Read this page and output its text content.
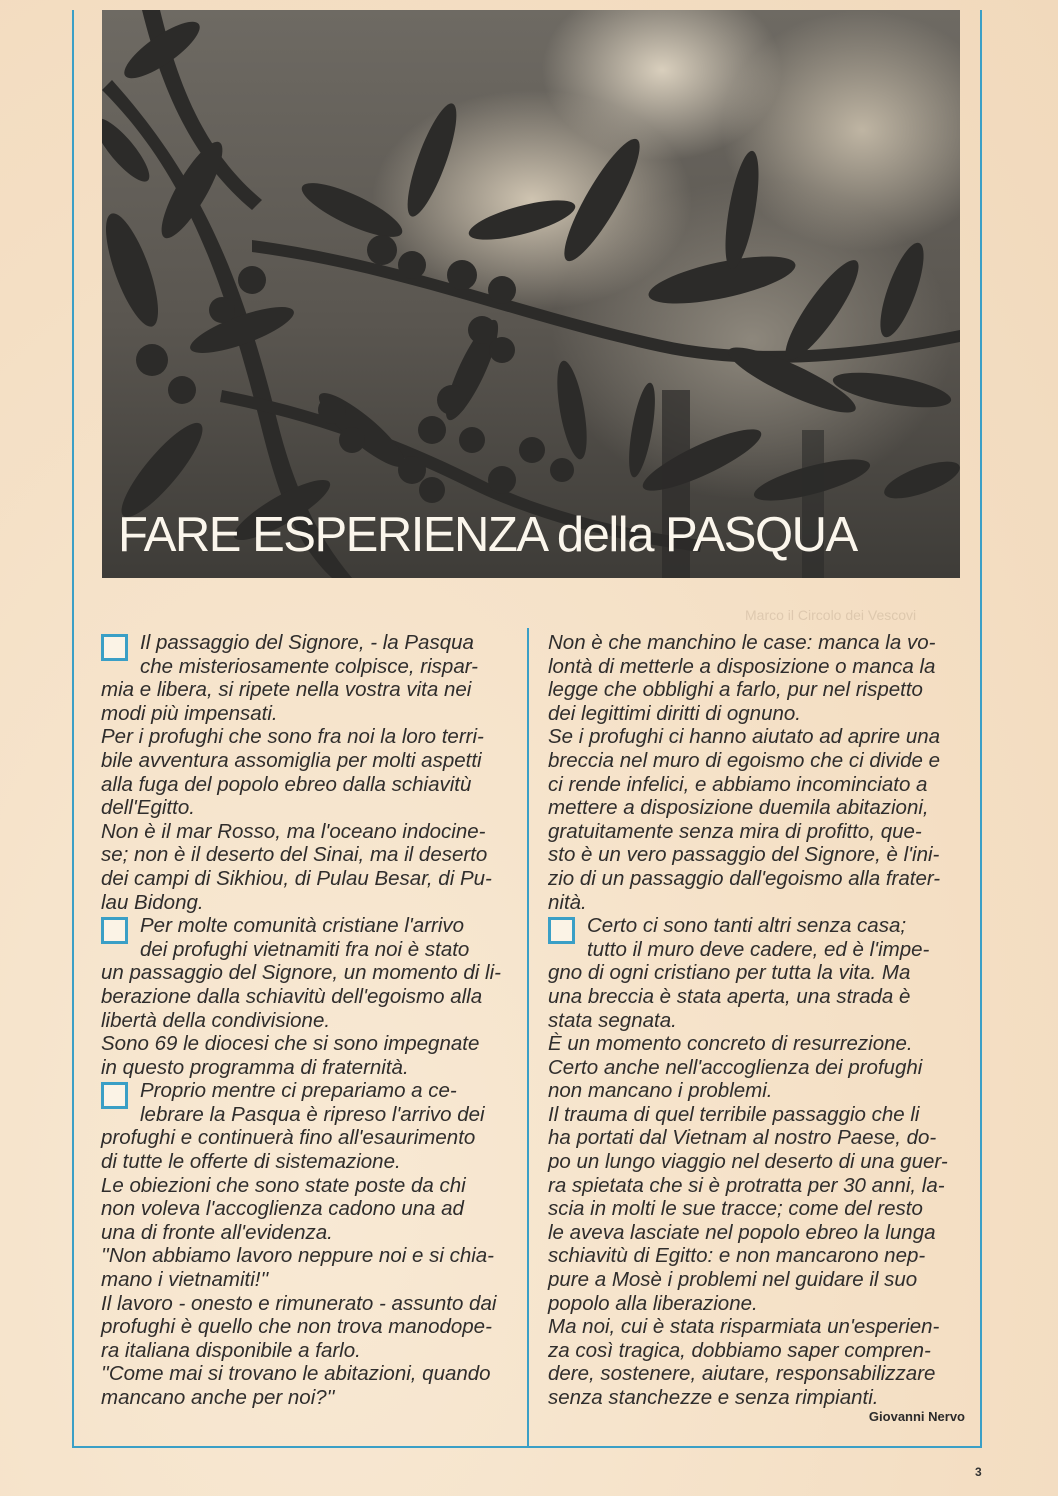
Marco il Circolo dei Vescovi
FARE ESPERIENZA della PASQUA

Il passaggio del Signore, - la Pasqua
che misteriosamente colpisce, rispar-
mia e libera, si ripete nella vostra vita nei
modi più impensati.

Per i profughi che sono fra noi la loro terri-
bile avventura assomiglia per molti aspetti
alla fuga del popolo ebreo dalla schiavitù
dell'Egitto.

Non è il mar Rosso, ma l'oceano indocine-
se; non è il deserto del Sinai, ma il deserto
dei campi di Sikhiou, di Pulau Besar, di Pu-
lau Bidong.

Per molte comunità cristiane l'arrivo
dei profughi vietnamiti fra noi è stato
un passaggio del Signore, un momento di li-
berazione dalla schiavitù dell'egoismo alla
libertà della condivisione.

Sono 69 le diocesi che si sono impegnate
in questo programma di fraternità.

Proprio mentre ci prepariamo a ce-
lebrare la Pasqua è ripreso l'arrivo dei
profughi e continuerà fino all'esaurimento
di tutte le offerte di sistemazione.

Le obiezioni che sono state poste da chi
non voleva l'accoglienza cadono una ad
una di fronte all'evidenza.

''Non abbiamo lavoro neppure noi e si chia-
mano i vietnamiti!''

Il lavoro - onesto e rimunerato - assunto dai
profughi è quello che non trova manodope-
ra italiana disponibile a farlo.

''Come mai si trovano le abitazioni, quando
mancano anche per noi?''

Non è che manchino le case: manca la vo-
lontà di metterle a disposizione o manca la
legge che obblighi a farlo, pur nel rispetto
dei legittimi diritti di ognuno.

Se i profughi ci hanno aiutato ad aprire una
breccia nel muro di egoismo che ci divide e
ci rende infelici, e abbiamo incominciato a
mettere a disposizione duemila abitazioni,
gratuitamente senza mira di profitto, que-
sto è un vero passaggio del Signore, è l'ini-
zio di un passaggio dall'egoismo alla frater-
nità.

Certo ci sono tanti altri senza casa;
tutto il muro deve cadere, ed è l'impe-
gno di ogni cristiano per tutta la vita. Ma
una breccia è stata aperta, una strada è
stata segnata.

È un momento concreto di resurrezione.
Certo anche nell'accoglienza dei profughi
non mancano i problemi.

Il trauma di quel terribile passaggio che li
ha portati dal Vietnam al nostro Paese, do-
po un lungo viaggio nel deserto di una guer-
ra spietata che si è protratta per 30 anni, la-
scia in molti le sue tracce; come del resto
le aveva lasciate nel popolo ebreo la lunga
schiavitù di Egitto: e non mancarono nep-
pure a Mosè i problemi nel guidare il suo
popolo alla liberazione.

Ma noi, cui è stata risparmiata un'esperien-
za così tragica, dobbiamo saper compren-
dere, sostenere, aiutare, responsabilizzare
senza stanchezze e senza rimpianti.

Giovanni Nervo
3
